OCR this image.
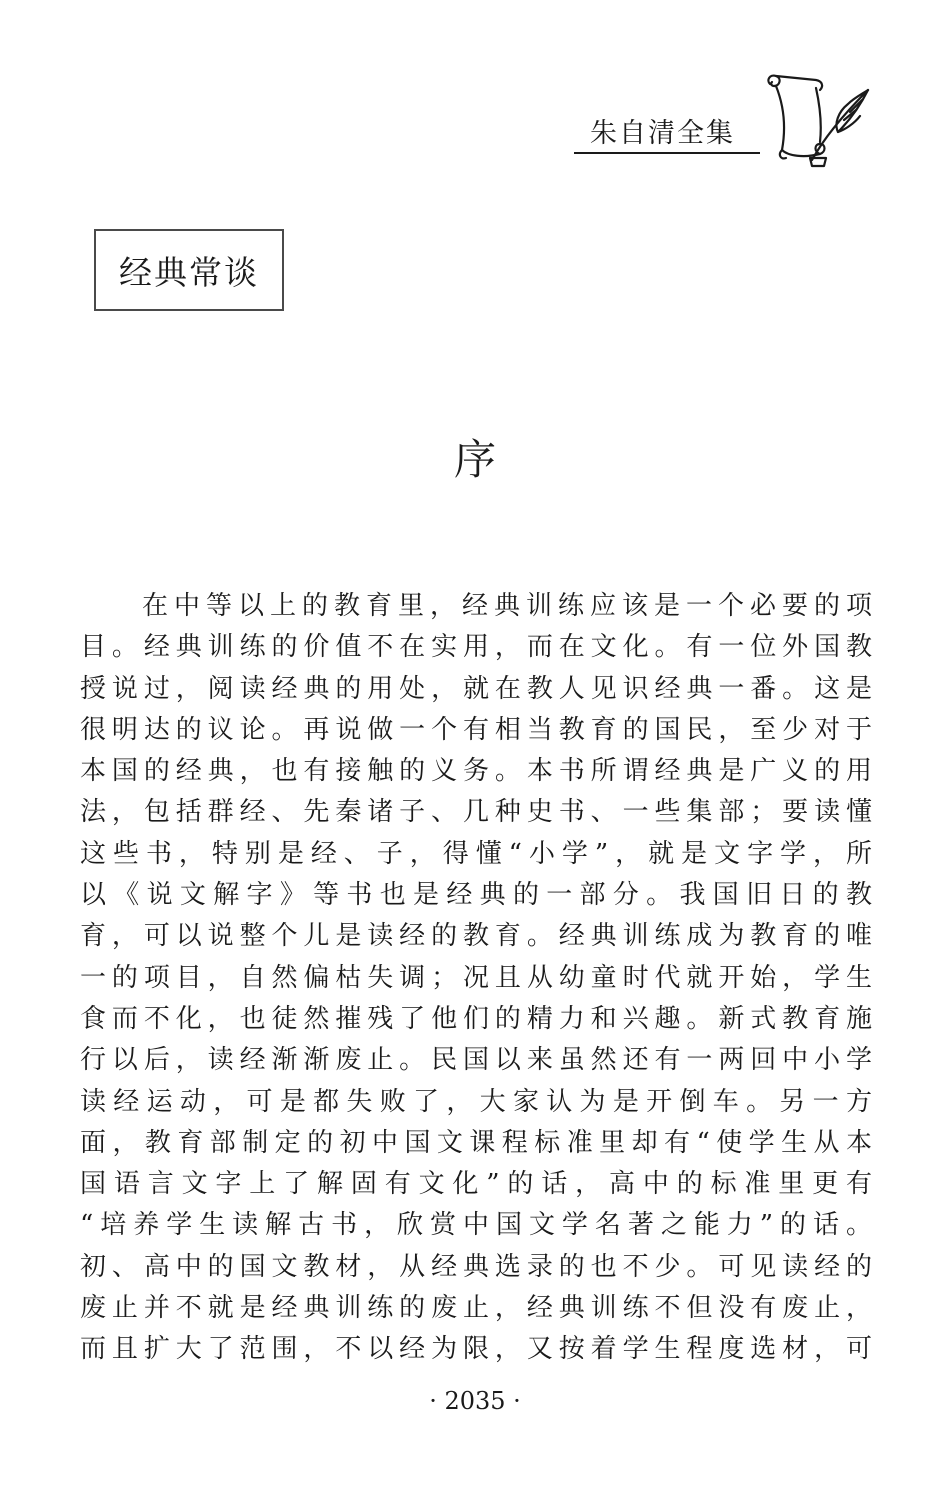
朱自清全集
经典常谈
序
在中等以上的教育里，经典训练应该是一个必要的项
目。经典训练的价值不在实用，而在文化。有一位外国教
授说过，阅读经典的用处，就在教人见识经典一番。这是
很明达的议论。再说做一个有相当教育的国民，至少对于
本国的经典，也有接触的义务。本书所谓经典是广义的用
法，包括群经、先秦诸子、几种史书、一些集部；要读懂
这些书，特别是经、子，得懂“小学”，就是文字学，所
以《说文解字》等书也是经典的一部分。我国旧日的教
育，可以说整个儿是读经的教育。经典训练成为教育的唯
一的项目，自然偏枯失调；况且从幼童时代就开始，学生
食而不化，也徒然摧残了他们的精力和兴趣。新式教育施
行以后，读经渐渐废止。民国以来虽然还有一两回中小学
读经运动，可是都失败了，大家认为是开倒车。另一方
面，教育部制定的初中国文课程标准里却有“使学生从本
国语言文字上了解固有文化”的话，高中的标准里更有
“培养学生读解古书，欣赏中国文学名著之能力”的话。
初、高中的国文教材，从经典选录的也不少。可见读经的
废止并不就是经典训练的废止，经典训练不但没有废止，
而且扩大了范围，不以经为限，又按着学生程度选材，可
· 2035 ·
